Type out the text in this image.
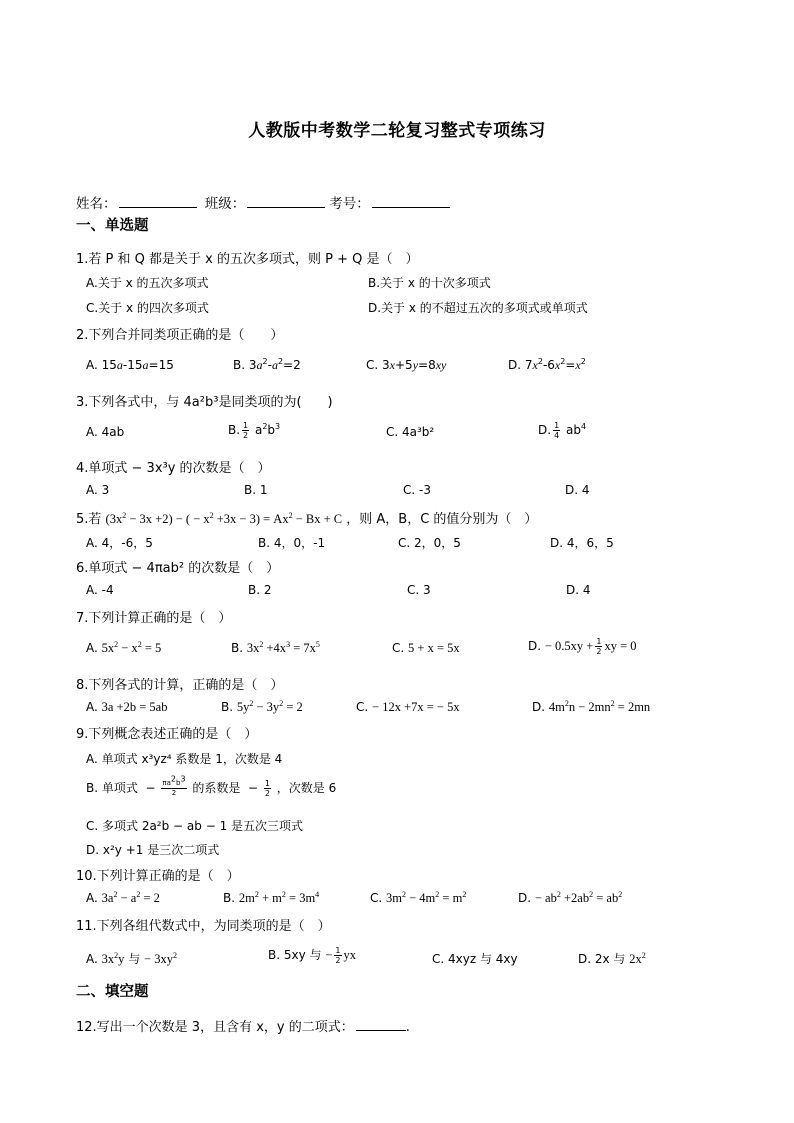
人教版中考数学二轮复习整式专项练习
姓名：	班级：	考号：
一、单选题
1.若 P 和 Q 都是关于 x 的五次多项式，则 P + Q 是（　）
A.关于 x 的五次多项式	B.关于 x 的十次多项式
C.关于 x 的四次多项式	D.关于 x 的不超过五次的多项式或单项式
2.下列合并同类项正确的是（　　）
A. 15a-15a=15	B. $3a^2-a^2=2$	C. 3x+5y=8xy	D. $7x^2-6x^2=x^2$
3.下列各式中，与 4a²b³是同类项的为(　　)
A. 4ab	B. $\frac{1}{2} a^2b^3$	C. 4a³b²	D. $\frac{1}{4} ab^4$
4.单项式 − 3x³y 的次数是（　）
A. 3	B. 1	C. -3	D. 4
5.若 $(3x^2 - 3x +2)$ − ( − $x^2 +3x - 3) = Ax^2 - Bx + C$ ，则 A，B，C 的值分别为（　）
A. 4，-6，5	B. 4，0，-1	C. 2，0，5	D. 4，6，5
6.单项式 − 4πab² 的次数是（　）
A. -4	B. 2	C. 3	D. 4
7.下列计算正确的是（　）
A. $5x^2 - x^2 = 5$	B. $3x^2 +4x^3 = 7x^5$	C. 5 + x = 5x	D. − $0.5xy + \frac{1}{2}$ xy = 0
8.下列各式的计算，正确的是（　）
A. 3a +2b = 5ab	B. $5y^2 - 3y^2 = 2$	C. − 12x +7x = − 5x	D. $4m^2n - 2mn^2 = 2mn$
9.下列概念表述正确的是（　）
A. 单项式 x³yz⁴ 系数是 1，次数是 4
B. 单项式  − $\frac{\pi a^2b^3}{2}$ 的系数是  − $\frac{1}{2}$ ，次数是 6
C. 多项式 2a²b − ab − 1 是五次三项式
D. x²y +1 是三次二项式
10.下列计算正确的是（　）
A. $3a^2 - a^2 = 2$	B. $2m^2 + m^2 = 3m^4$	C. $3m^2 - 4m^2 = m^2$	D. − $ab^2 +2ab^2 = ab^2$
11.下列各组代数式中，为同类项的是（　）
A. $3x^2y$ 与 − $3xy^2$	B. 5xy 与 − $\frac{1}{2}$ yx	C. 4xyz 与 4xy	D. 2x 与 $2x^2$
二、填空题
12.写出一个次数是 3，且含有 x，y 的二项式：	.
